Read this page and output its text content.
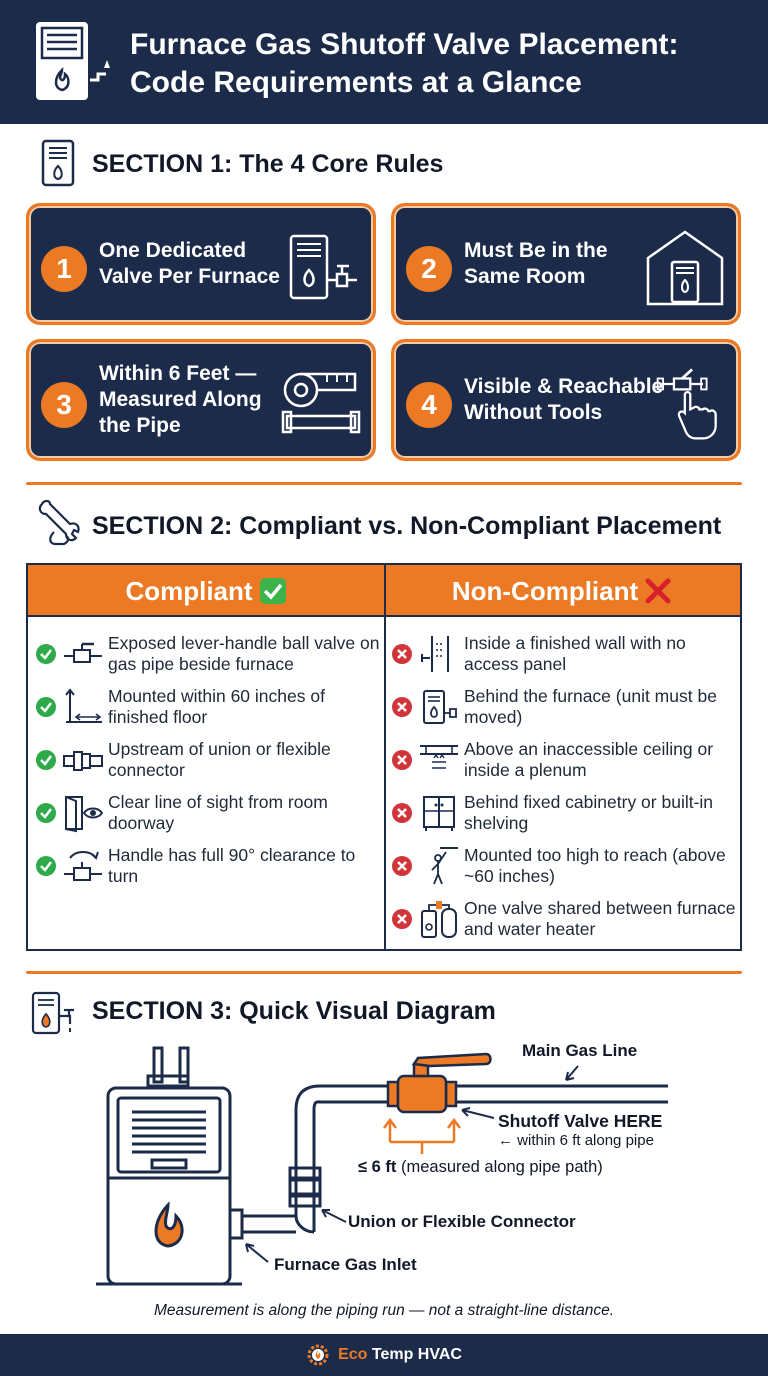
Furnace Gas Shutoff Valve Placement: Code Requirements at a Glance
SECTION 1: The 4 Core Rules
1
One Dedicated Valve Per Furnace	2
Must Be in the Same Room
3
Within 6 Feet — Measured Along the Pipe
4
Visible & Reachable Without Tools
SECTION 2: Compliant vs. Non-Compliant Placement
Compliant	Non-Compliant
Exposed lever-handle ball valve on gas pipe beside furnace
Mounted within 60 inches of finished floor
Upstream of union or flexible connector
Clear line of sight from room doorway
Handle has full 90° clearance to turn
Inside a finished wall with no access panel
Behind the furnace (unit must be moved)
Above an inaccessible ceiling or inside a plenum
Behind fixed cabinetry or built-in shelving
Mounted too high to reach (above ~60 inches)
One valve shared between furnace and water heater
SECTION 3: Quick Visual Diagram
Main Gas Line
Shutoff Valve HERE
← within 6 ft along pipe
≤ 6 ft (measured along pipe path)
Union or Flexible Connector
Furnace Gas Inlet
Measurement is along the piping run — not a straight-line distance.
Eco Temp HVAC
